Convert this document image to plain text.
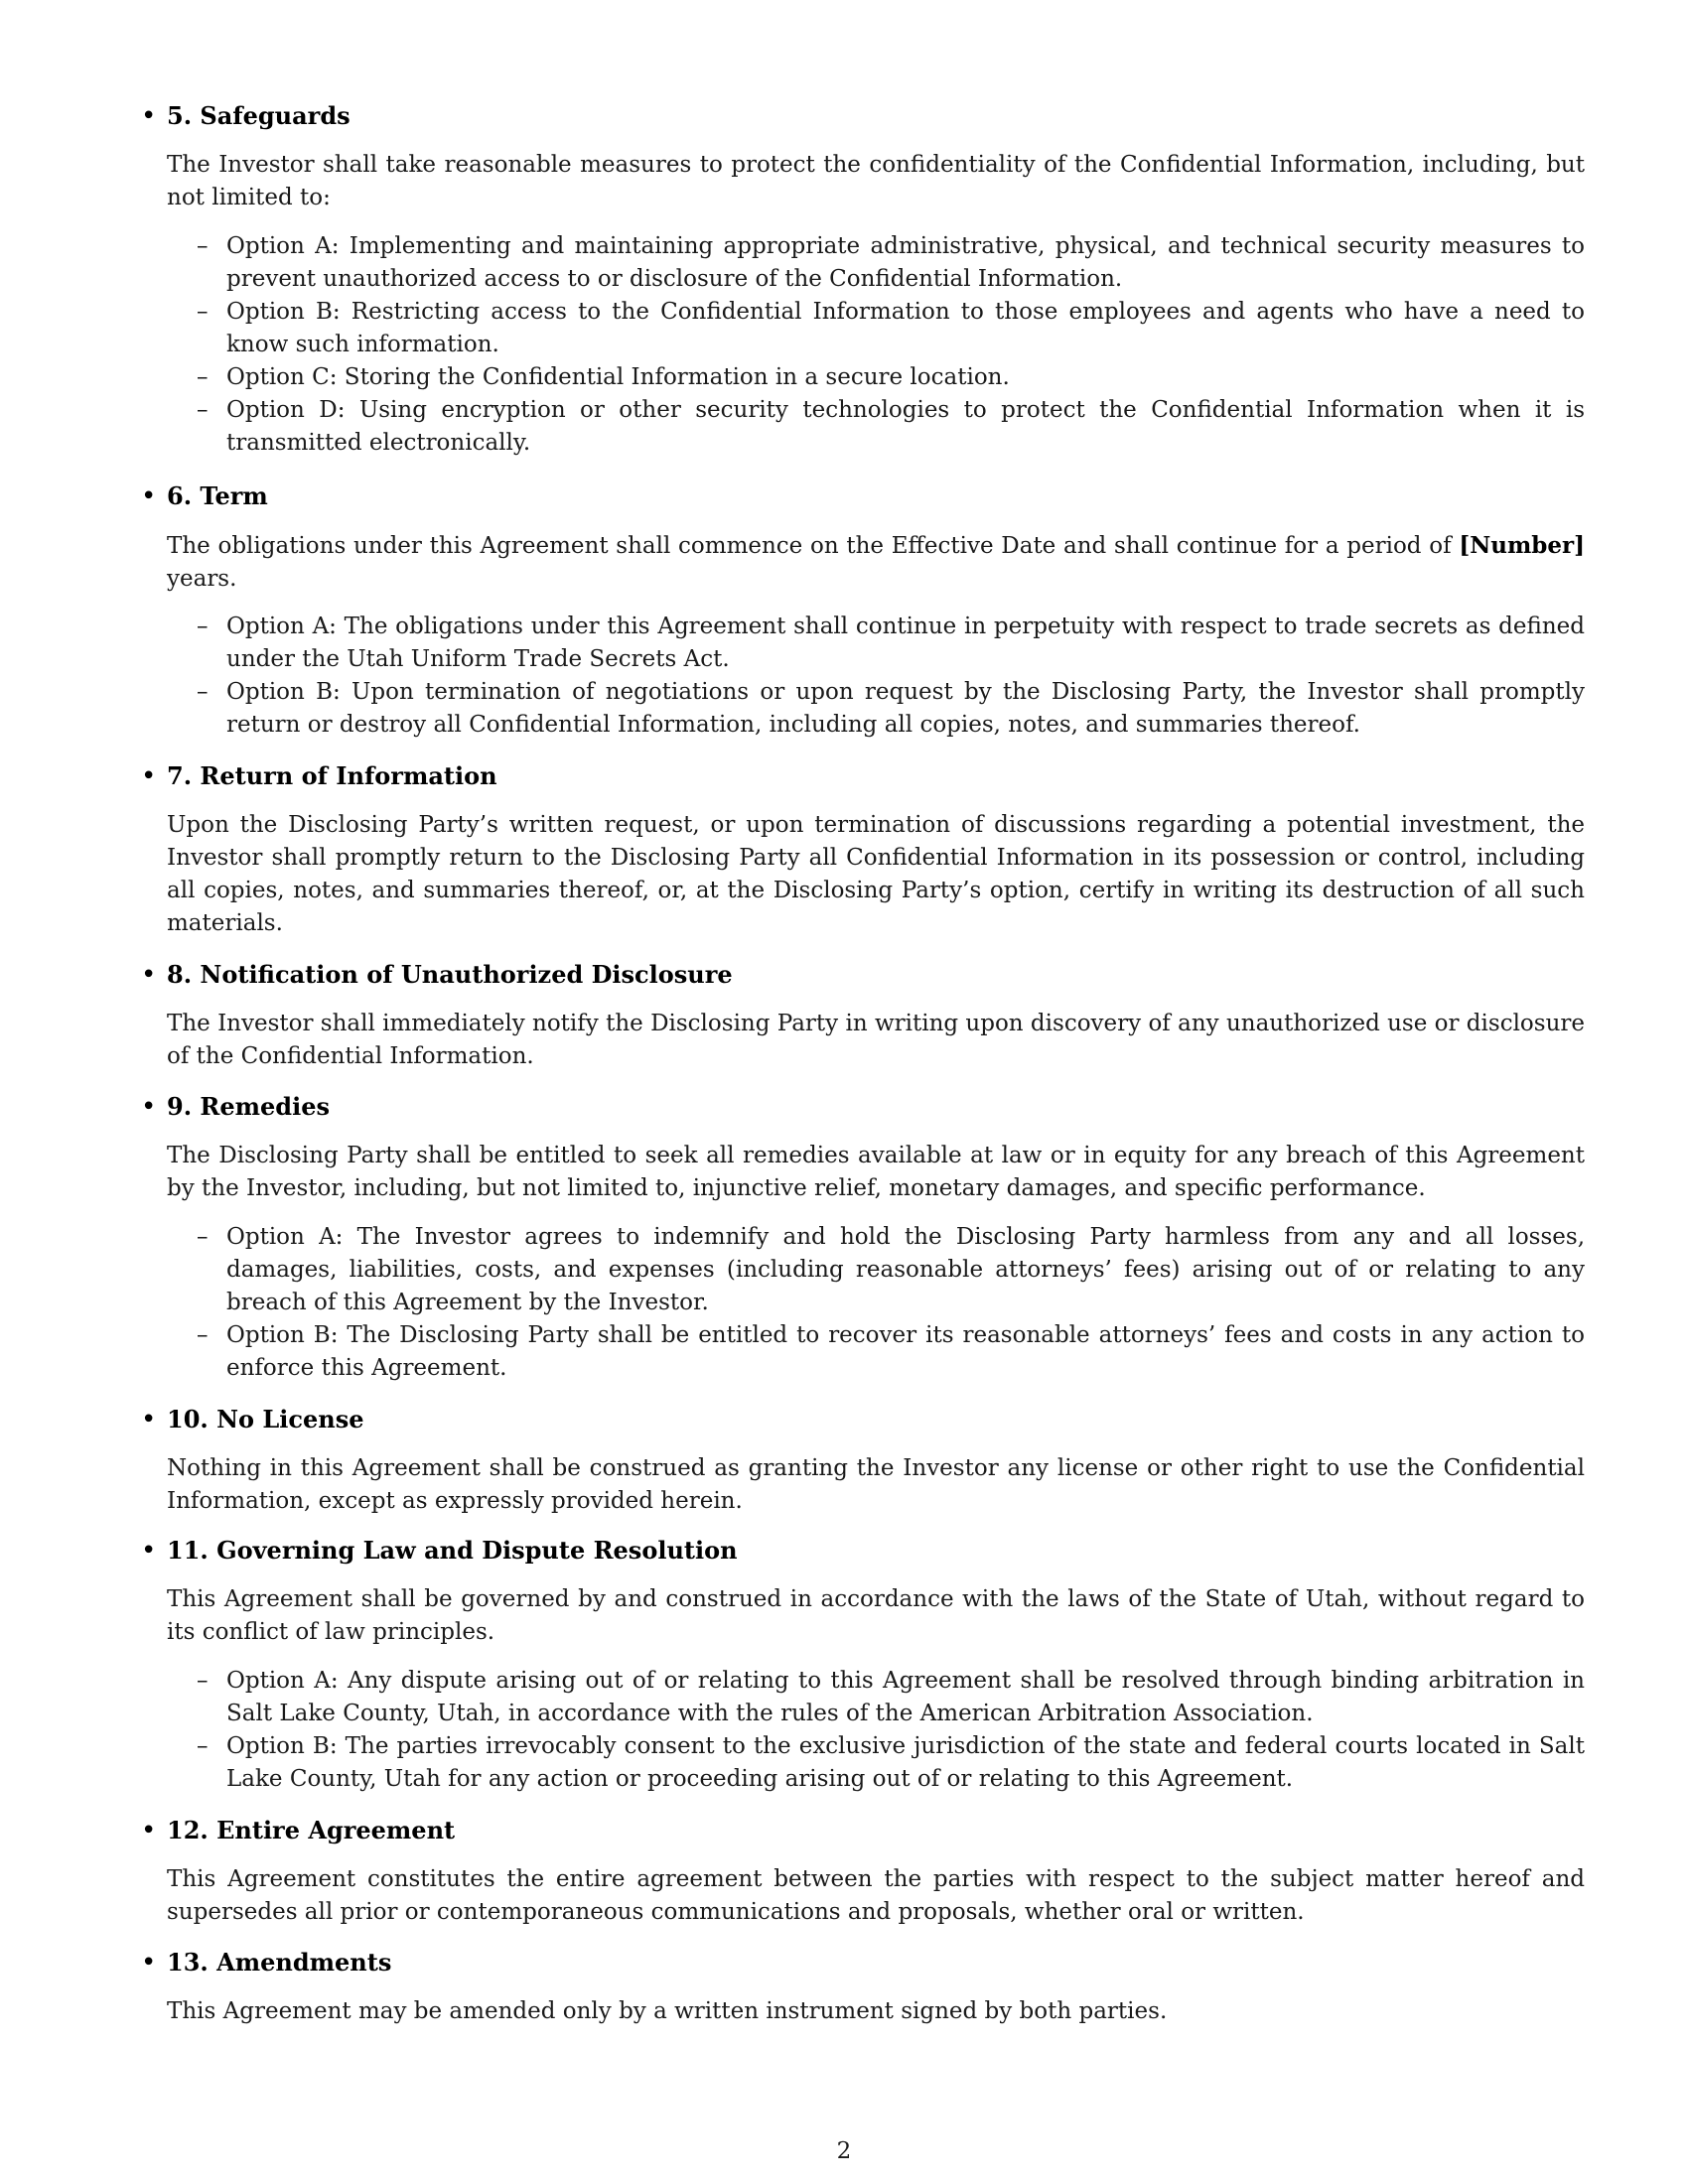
• 5. Safeguards

The Investor shall take reasonable measures to protect the confidentiality of the Confidential Information, including, but not limited to:

– Option A: Implementing and maintaining appropriate administrative, physical, and technical security measures to prevent unauthorized access to or disclosure of the Confidential Information.

– Option B: Restricting access to the Confidential Information to those employees and agents who have a need to know such information.

– Option C: Storing the Confidential Information in a secure location.

– Option D: Using encryption or other security technologies to protect the Confidential Information when it is transmitted electronically.

• 6. Term

The obligations under this Agreement shall commence on the Effective Date and shall continue for a period of [Number] years.

– Option A: The obligations under this Agreement shall continue in perpetuity with respect to trade secrets as defined under the Utah Uniform Trade Secrets Act.

– Option B: Upon termination of negotiations or upon request by the Disclosing Party, the Investor shall promptly return or destroy all Confidential Information, including all copies, notes, and summaries thereof.

• 7. Return of Information

Upon the Disclosing Party’s written request, or upon termination of discussions regarding a potential investment, the Investor shall promptly return to the Disclosing Party all Confidential Information in its possession or control, including all copies, notes, and summaries thereof, or, at the Disclosing Party’s option, certify in writing its destruction of all such materials.

• 8. Notification of Unauthorized Disclosure

The Investor shall immediately notify the Disclosing Party in writing upon discovery of any unauthorized use or disclosure of the Confidential Information.

• 9. Remedies

The Disclosing Party shall be entitled to seek all remedies available at law or in equity for any breach of this Agreement by the Investor, including, but not limited to, injunctive relief, monetary damages, and specific performance.

– Option A: The Investor agrees to indemnify and hold the Disclosing Party harmless from any and all losses, damages, liabilities, costs, and expenses (including reasonable attorneys’ fees) arising out of or relating to any breach of this Agreement by the Investor.

– Option B: The Disclosing Party shall be entitled to recover its reasonable attorneys’ fees and costs in any action to enforce this Agreement.

• 10. No License

Nothing in this Agreement shall be construed as granting the Investor any license or other right to use the Confidential Information, except as expressly provided herein.

• 11. Governing Law and Dispute Resolution

This Agreement shall be governed by and construed in accordance with the laws of the State of Utah, without regard to its conflict of law principles.

– Option A: Any dispute arising out of or relating to this Agreement shall be resolved through binding arbitration in Salt Lake County, Utah, in accordance with the rules of the American Arbitration Association.

– Option B: The parties irrevocably consent to the exclusive jurisdiction of the state and federal courts located in Salt Lake County, Utah for any action or proceeding arising out of or relating to this Agreement.

• 12. Entire Agreement

This Agreement constitutes the entire agreement between the parties with respect to the subject matter hereof and supersedes all prior or contemporaneous communications and proposals, whether oral or written.

• 13. Amendments

This Agreement may be amended only by a written instrument signed by both parties.

2
